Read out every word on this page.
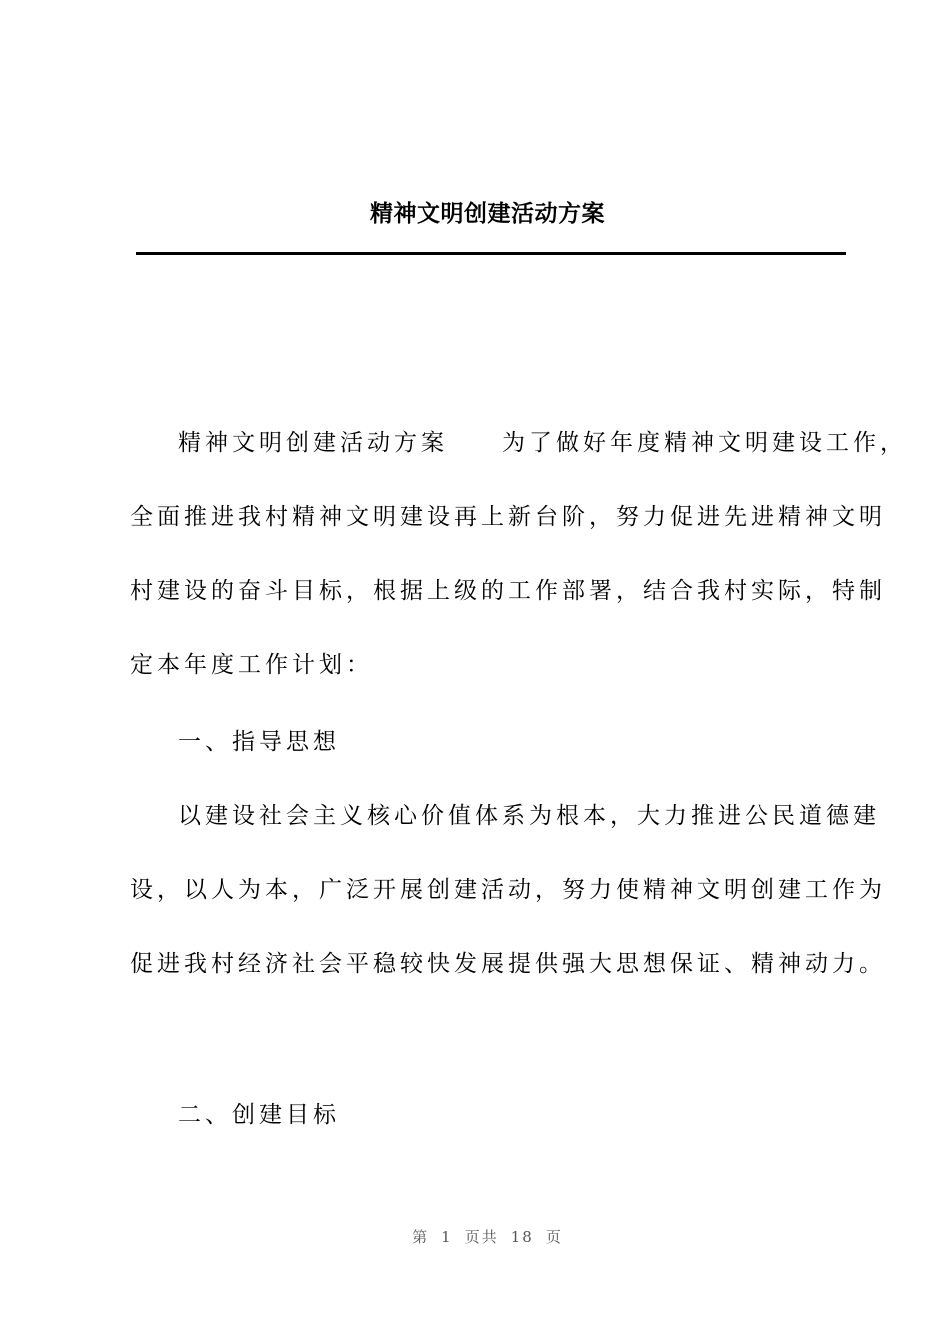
精神文明创建活动方案
精神文明创建活动方案 为了做好年度精神文明建设工作，
全面推进我村精神文明建设再上新台阶，努力促进先进精神文明
村建设的奋斗目标，根据上级的工作部署，结合我村实际，特制
定本年度工作计划：
一、指导思想
以建设社会主义核心价值体系为根本，大力推进公民道德建
设，以人为本，广泛开展创建活动，努力使精神文明创建工作为
促进我村经济社会平稳较快发展提供强大思想保证、精神动力。
二、创建目标
第 1 页共 18 页
